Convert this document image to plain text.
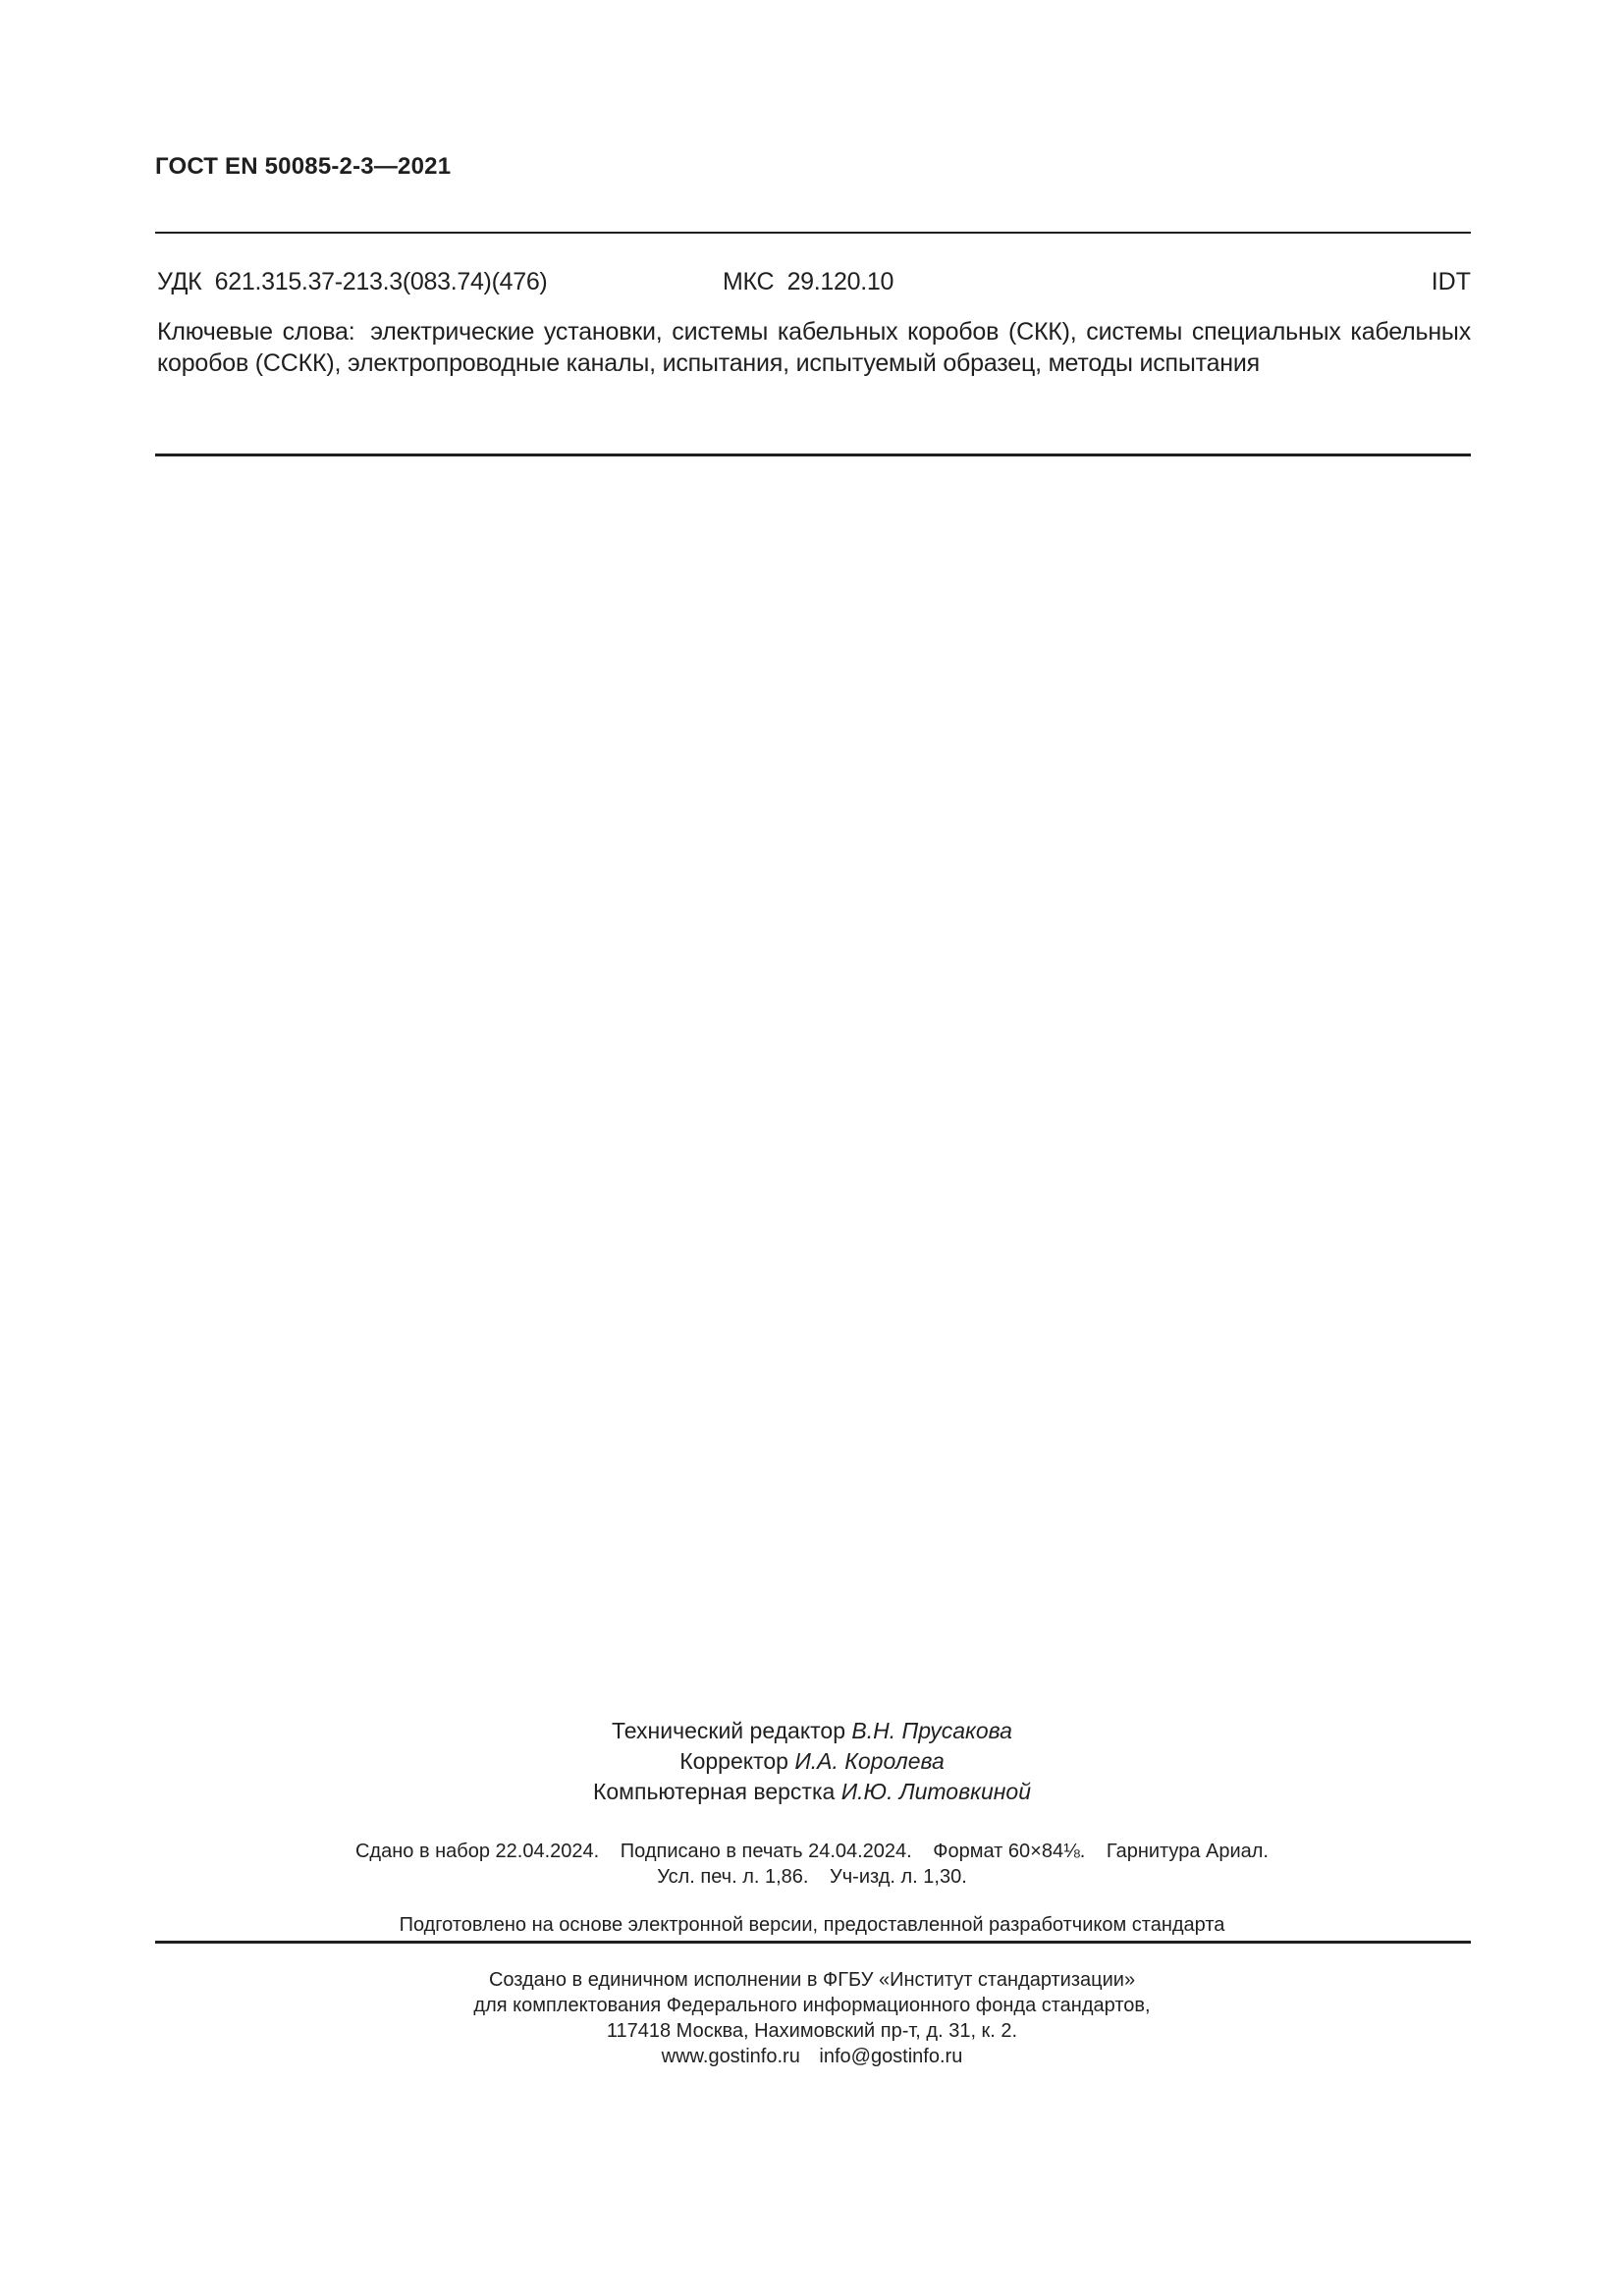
ГОСТ EN 50085-2-3—2021
УДК 621.315.37-213.3(083.74)(476)	МКС 29.120.10	IDT
Ключевые слова: электрические установки, системы кабельных коробов (СКК), системы специальных кабельных коробов (ССКК), электропроводные каналы, испытания, испытуемый образец, методы испытания
Технический редактор В.Н. Прусакова
Корректор И.А. Королева
Компьютерная верстка И.Ю. Литовкиной
Сдано в набор 22.04.2024. Подписано в печать 24.04.2024. Формат 60×84⅛. Гарнитура Ариал.
Усл. печ. л. 1,86. Уч-изд. л. 1,30.
Подготовлено на основе электронной версии, предоставленной разработчиком стандарта
Создано в единичном исполнении в ФГБУ «Институт стандартизации»
для комплектования Федерального информационного фонда стандартов,
117418 Москва, Нахимовский пр-т, д. 31, к. 2.
www.gostinfo.ru info@gostinfo.ru
